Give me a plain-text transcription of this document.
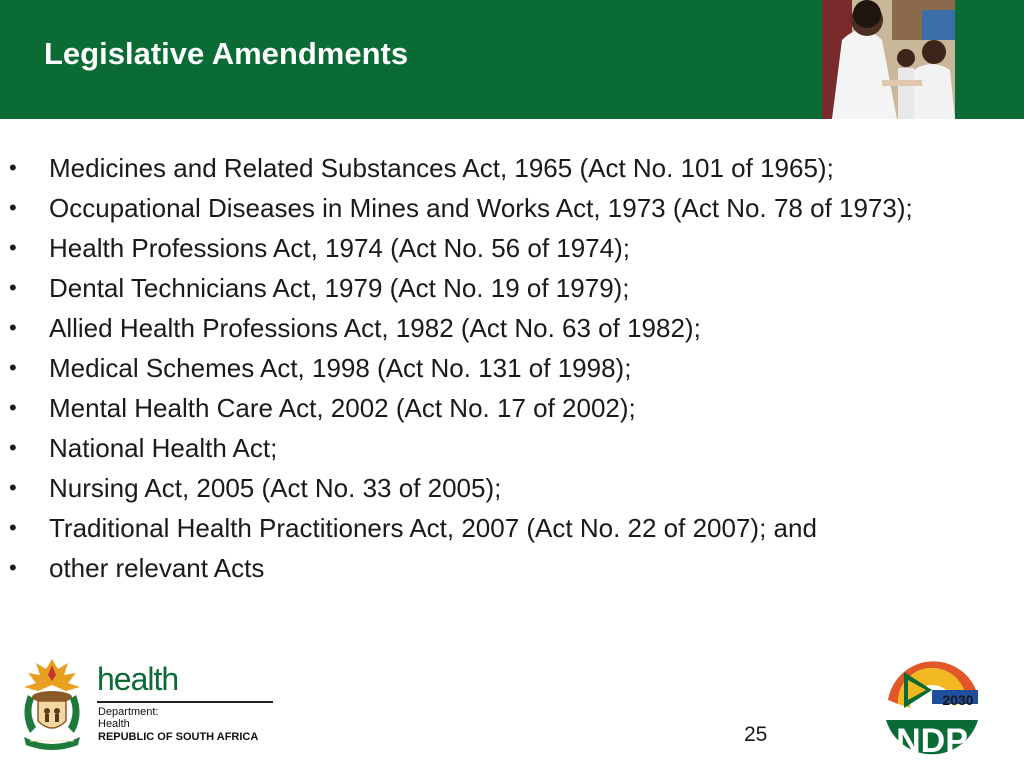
Legislative Amendments
• Medicines and Related Substances Act, 1965 (Act No. 101 of 1965);
• Occupational Diseases in Mines and Works Act, 1973 (Act No. 78 of 1973);
• Health Professions Act, 1974 (Act No. 56 of 1974);
• Dental Technicians Act, 1979 (Act No. 19 of 1979);
• Allied Health Professions Act, 1982 (Act No. 63 of 1982);
• Medical Schemes Act, 1998 (Act No. 131 of 1998);
• Mental Health Care Act, 2002 (Act No. 17 of 2002);
• National Health Act;
• Nursing Act, 2005 (Act No. 33 of 2005);
• Traditional Health Practitioners Act, 2007 (Act No. 22 of 2007); and
• other relevant Acts
health
Department:
Health
REPUBLIC OF SOUTH AFRICA	25
2030
NDP
